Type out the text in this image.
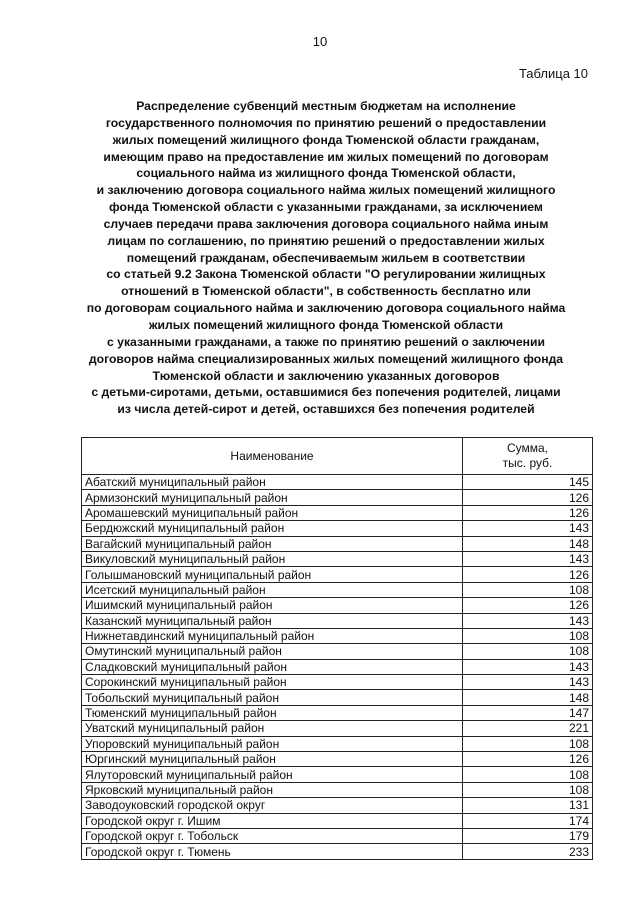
10
Таблица 10
Распределение субвенций местным бюджетам на исполнение
государственного полномочия по принятию решений о предоставлении
жилых помещений жилищного фонда Тюменской области гражданам,
имеющим право на предоставление им жилых помещений по договорам
социального найма из жилищного фонда Тюменской области,
и заключению договора социального найма жилых помещений жилищного
фонда Тюменской области с указанными гражданами, за исключением
случаев передачи права заключения договора социального найма иным
лицам по соглашению, по принятию решений о предоставлении жилых
помещений гражданам, обеспечиваемым жильем в соответствии
со статьей 9.2 Закона Тюменской области "О регулировании жилищных
отношений в Тюменской области", в собственность бесплатно или
по договорам социального найма и заключению договора социального найма
жилых помещений жилищного фонда Тюменской области
с указанными гражданами, а также по принятию решений о заключении
договоров найма специализированных жилых помещений жилищного фонда
Тюменской области и заключению указанных договоров
с детьми-сиротами, детьми, оставшимися без попечения родителей, лицами
из числа детей-сирот и детей, оставшихся без попечения родителей
Наименование	Сумма,
тыс. руб.
Абатский муниципальный район	145
Армизонский муниципальный район	126
Аромашевский муниципальный район	126
Бердюжский муниципальный район	143
Вагайский муниципальный район	148
Викуловский муниципальный район	143
Голышмановский муниципальный район	126
Исетский муниципальный район	108
Ишимский муниципальный район	126
Казанский муниципальный район	143
Нижнетавдинский муниципальный район	108
Омутинский муниципальный район	108
Сладковский муниципальный район	143
Сорокинский муниципальный район	143
Тобольский муниципальный район	148
Тюменский муниципальный район	147
Уватский муниципальный район	221
Упоровский муниципальный район	108
Юргинский муниципальный район	126
Ялуторовский муниципальный район	108
Ярковский муниципальный район	108
Заводоуковский городской округ	131
Городской округ г. Ишим	174
Городской округ г. Тобольск	179
Городской округ г. Тюмень	233
